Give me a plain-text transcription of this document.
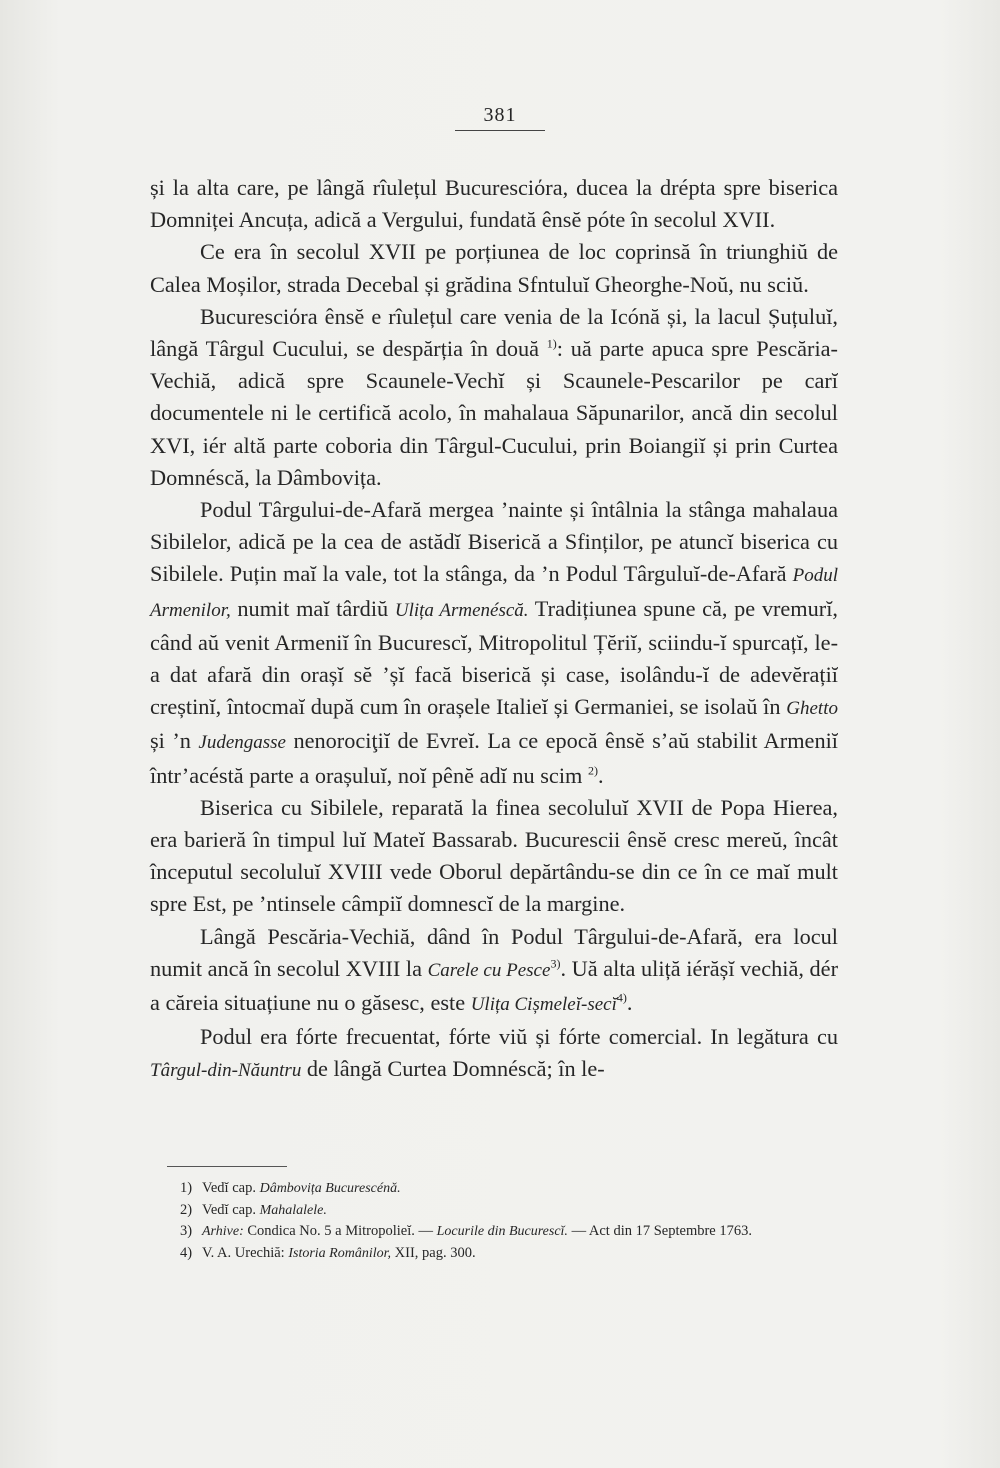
381

și la alta care, pe lângă rîulețul Bucuresciόra, ducea la drépta spre biserica Domniței Ancuța, adică a Vergului, fundată ênsĕ póte în secolul XVII.

Ce era în secolul XVII pe porțiunea de loc coprinsă în triunghiŭ de Calea Moșilor, strada Decebal și grădina Sfntuluĭ Gheorghe-Noŭ, nu sciŭ.

Bucuresciόra ênsĕ e rîulețul care venia de la Icónă și, la lacul Șuțuluĭ, lângă Târgul Cucului, se despărția în două $^{1)}$: uă parte apuca spre Pescăria-Vechiă, adică spre Scaunele-Vechĭ și Scaunele-Pescarilor pe carĭ documentele ni le certifică acolo, în mahalaua Săpunarilor, ancă din secolul XVI, iér altă parte coboria din Târgul-Cucului, prin Boiangiĭ și prin Curtea Domnéscă, la Dâmbovița.

Podul Târgului-de-Afară mergea ’nainte și întâlnia la stânga mahalaua Sibilelor, adică pe la cea de astădĭ Biserică a Sfinților, pe atuncĭ biserica cu Sibilele. Puțin maĭ la vale, tot la stânga, da ’n Podul Târguluĭ-de-Afară Podul Armenilor, numit maĭ târdiŭ Ulița Armenéscă. Tradițiunea spune că, pe vremurĭ, când aŭ venit Armeniĭ în Bucurescĭ, Mitropolitul Țĕriĭ, sciindu-ĭ spurcațĭ, le-a dat afară din orașĭ sĕ ’șĭ facă biserică și case, isolându-ĭ de adevĕrațiĭ creștinĭ, întocmaĭ după cum în orașele Italieĭ și Germaniei, se isolaŭ în Ghetto și ’n Judengasse nenorociţiĭ de Evreĭ. La ce epocă ênsĕ s’aŭ stabilit Armeniĭ într’acéstă parte a orașuluĭ, noĭ pênĕ adĭ nu scim $^{2)}$.

Biserica cu Sibilele, reparată la finea secoluluĭ XVII de Popa Hierea, era barieră în timpul luĭ Mateĭ Bassarab. Bucurescii ênsĕ cresc mereŭ, încât începutul secoluluĭ XVIII vede Oborul depărtându-se din ce în ce maĭ mult spre Est, pe ’ntinsele câmpiĭ domnescĭ de la margine.

Lângă Pescăria-Vechiă, dând în Podul Târgului-de-Afară, era locul numit ancă în secolul XVIII la Carele cu Pesce$^{3)}$. Uă alta uliță iérășĭ vechiă, dér a căreia situațiune nu o găsesc, este Ulița Cișmeleĭ-secĭ$^{4)}$.

Podul era fórte frecuentat, fórte viŭ și fórte comercial. In legătura cu Târgul-din-Năuntru de lângă Curtea Domnéscă; în le-

1) Vedĭ cap. Dâmbovița Bucurescénă.

2) Vedĭ cap. Mahalalele.

3) Arhive: Condica No. 5 a Mitropolieĭ. — Locurile din Bucurescĭ. — Act din 17 Septembre 1763.

4) V. A. Urechiă: Istoria Românilor, XII, pag. 300.
